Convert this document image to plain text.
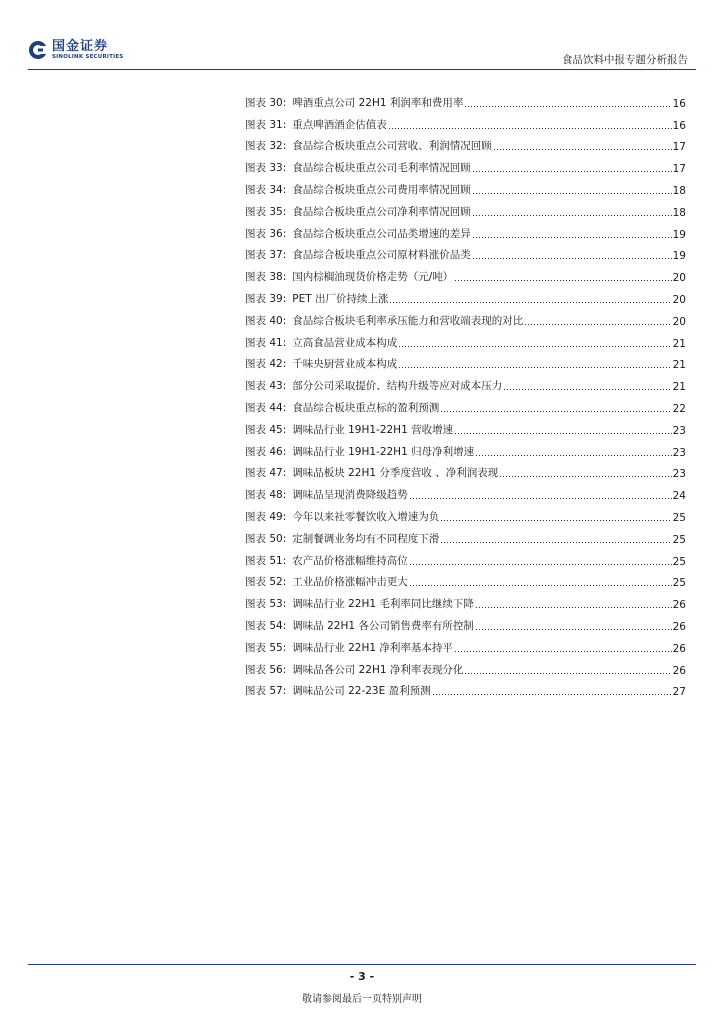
国金证券
SINOLINK SECURITIES	食品饮料中报专题分析报告
图表 30: 啤酒重点公司 22H1 利润率和费用率	16
图表 31: 重点啤酒酒企估值表	16
图表 32: 食品综合板块重点公司营收、利润情况回顾	17
图表 33: 食品综合板块重点公司毛利率情况回顾	17
图表 34: 食品综合板块重点公司费用率情况回顾	18
图表 35: 食品综合板块重点公司净利率情况回顾	18
图表 36: 食品综合板块重点公司品类增速的差异	19
图表 37: 食品综合板块重点公司原材料涨价品类	19
图表 38: 国内棕榈油现货价格走势（元/吨）	20
图表 39: PET 出厂价持续上涨	20
图表 40: 食品综合板块毛利率承压能力和营收端表现的对比	20
图表 41: 立高食品营业成本构成	21
图表 42: 千味央厨营业成本构成	21
图表 43: 部分公司采取提价、结构升级等应对成本压力	21
图表 44: 食品综合板块重点标的盈利预测	22
图表 45: 调味品行业 19H1-22H1 营收增速	23
图表 46: 调味品行业 19H1-22H1 归母净利增速	23
图表 47: 调味品板块 22H1 分季度营收 、净利润表现	23
图表 48: 调味品呈现消费降级趋势	24
图表 49: 今年以来社零餐饮收入增速为负	25
图表 50: 定制餐调业务均有不同程度下滑	25
图表 51: 农产品价格涨幅维持高位	25
图表 52: 工业品价格涨幅冲击更大	25
图表 53: 调味品行业 22H1 毛利率同比继续下降	26
图表 54: 调味品 22H1 各公司销售费率有所控制	26
图表 55: 调味品行业 22H1 净利率基本持平	26
图表 56: 调味品各公司 22H1 净利率表现分化	26
图表 57: 调味品公司 22-23E 盈利预测	27
- 3 -
敬请参阅最后一页特别声明
